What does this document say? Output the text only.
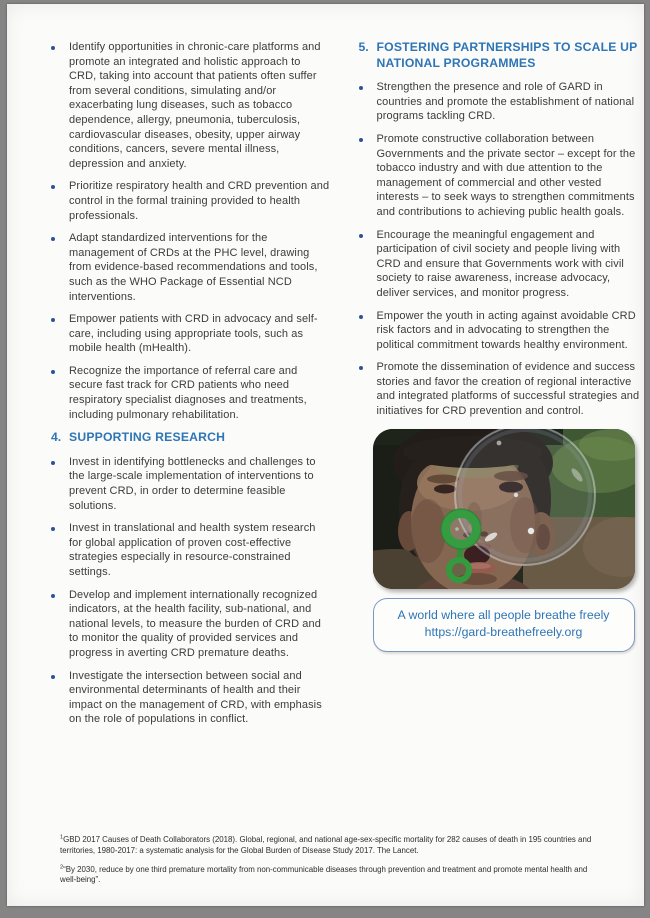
Identify opportunities in chronic-care platforms and promote an integrated and holistic approach to CRD, taking into account that patients often suffer from several conditions, simulating and/or exacerbating lung diseases, such as tobacco dependence, allergy, pneumonia, tuberculosis, cardiovascular diseases, obesity, upper airway conditions, cancers, severe mental illness, depression and anxiety.
Prioritize respiratory health and CRD prevention and control in the formal training provided to health professionals.
Adapt standardized interventions for the management of CRDs at the PHC level, drawing from evidence-based recommendations and tools, such as the WHO Package of Essential NCD interventions.
Empower patients with CRD in advocacy and self-care, including using appropriate tools, such as mobile health (mHealth).
Recognize the importance of referral care and secure fast track for CRD patients who need respiratory specialist diagnoses and treatments, including pulmonary rehabilitation.
4. SUPPORTING RESEARCH
Invest in identifying bottlenecks and challenges to the large-scale implementation of interventions to prevent CRD, in order to determine feasible solutions.
Invest in translational and health system research for global application of proven cost-effective strategies especially in resource-constrained settings.
Develop and implement internationally recognized indicators, at the health facility, sub-national, and national levels, to measure the burden of CRD and to monitor the quality of provided services and progress in averting CRD premature deaths.
Investigate the intersection between social and environmental determinants of health and their impact on the management of CRD, with emphasis on the role of populations in conflict.
5. FOSTERING PARTNERSHIPS TO SCALE UP NATIONAL PROGRAMMES
Strengthen the presence and role of GARD in countries and promote the establishment of national programs tackling CRD.
Promote constructive collaboration between Governments and the private sector – except for the tobacco industry and with due attention to the management of commercial and other vested interests – to seek ways to strengthen commitments and contributions to achieving public health goals.
Encourage the meaningful engagement and participation of civil society and people living with CRD and ensure that Governments work with civil society to raise awareness, increase advocacy, deliver services, and monitor progress.
Empower the youth in acting against avoidable CRD risk factors and in advocating to strengthen the political commitment towards healthy environment.
Promote the dissemination of evidence and success stories and favor the creation of regional interactive and integrated platforms of successful strategies and initiatives for CRD prevention and control.
A world where all people breathe freely
https://gard-breathefreely.org

$^1$GBD 2017 Causes of Death Collaborators (2018). Global, regional, and national age-sex-specific mortality for 282 causes of death in 195 countries and territories, 1980-2017: a systematic analysis for the Global Burden of Disease Study 2017. The Lancet.

$^2$“By 2030, reduce by one third premature mortality from non-communicable diseases through prevention and treatment and promote mental health and well-being”.
